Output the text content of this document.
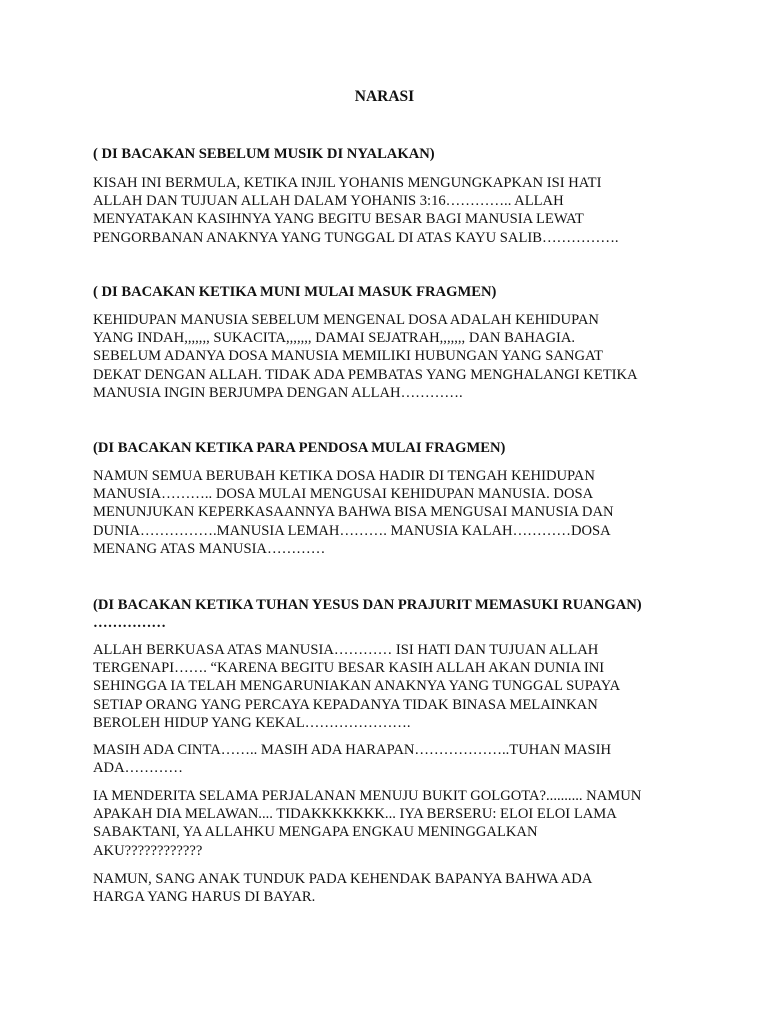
NARASI

( DI BACAKAN SEBELUM MUSIK DI NYALAKAN)

KISAH INI BERMULA, KETIKA INJIL YOHANIS MENGUNGKAPKAN ISI HATI
ALLAH DAN TUJUAN ALLAH DALAM YOHANIS 3:16………….. ALLAH
MENYATAKAN KASIHNYA YANG BEGITU BESAR BAGI MANUSIA LEWAT
PENGORBANAN ANAKNYA YANG TUNGGAL DI ATAS KAYU SALIB…………….

( DI BACAKAN KETIKA MUNI MULAI MASUK FRAGMEN)

KEHIDUPAN MANUSIA SEBELUM MENGENAL DOSA ADALAH KEHIDUPAN
YANG INDAH,,,,,,, SUKACITA,,,,,,, DAMAI SEJATRAH,,,,,,, DAN BAHAGIA.
SEBELUM ADANYA DOSA MANUSIA MEMILIKI HUBUNGAN YANG SANGAT
DEKAT DENGAN ALLAH. TIDAK ADA PEMBATAS YANG MENGHALANGI KETIKA
MANUSIA INGIN BERJUMPA DENGAN ALLAH………….

(DI BACAKAN KETIKA PARA PENDOSA MULAI FRAGMEN)

NAMUN SEMUA BERUBAH KETIKA DOSA HADIR DI TENGAH KEHIDUPAN
MANUSIA……….. DOSA MULAI MENGUSAI KEHIDUPAN MANUSIA. DOSA
MENUNJUKAN KEPERKASAANNYA BAHWA BISA MENGUSAI MANUSIA DAN
DUNIA…………….MANUSIA LEMAH………. MANUSIA KALAH…………DOSA
MENANG ATAS MANUSIA…………

(DI BACAKAN KETIKA TUHAN YESUS DAN PRAJURIT MEMASUKI RUANGAN)
……………

ALLAH BERKUASA ATAS MANUSIA………… ISI HATI DAN TUJUAN ALLAH
TERGENAPI……. “KARENA BEGITU BESAR KASIH ALLAH AKAN DUNIA INI
SEHINGGA IA TELAH MENGARUNIAKAN ANAKNYA YANG TUNGGAL SUPAYA
SETIAP ORANG YANG PERCAYA KEPADANYA TIDAK BINASA MELAINKAN
BEROLEH HIDUP YANG KEKAL………………….

MASIH ADA CINTA…….. MASIH ADA HARAPAN………………..TUHAN MASIH
ADA…………

IA MENDERITA SELAMA PERJALANAN MENUJU BUKIT GOLGOTA?.......... NAMUN
APAKAH DIA MELAWAN.... TIDAKKKKKKK... IYA BERSERU: ELOI ELOI LAMA
SABAKTANI, YA ALLAHKU MENGAPA ENGKAU MENINGGALKAN
AKU????????????

NAMUN, SANG ANAK TUNDUK PADA KEHENDAK BAPANYA BAHWA ADA
HARGA YANG HARUS DI BAYAR.
